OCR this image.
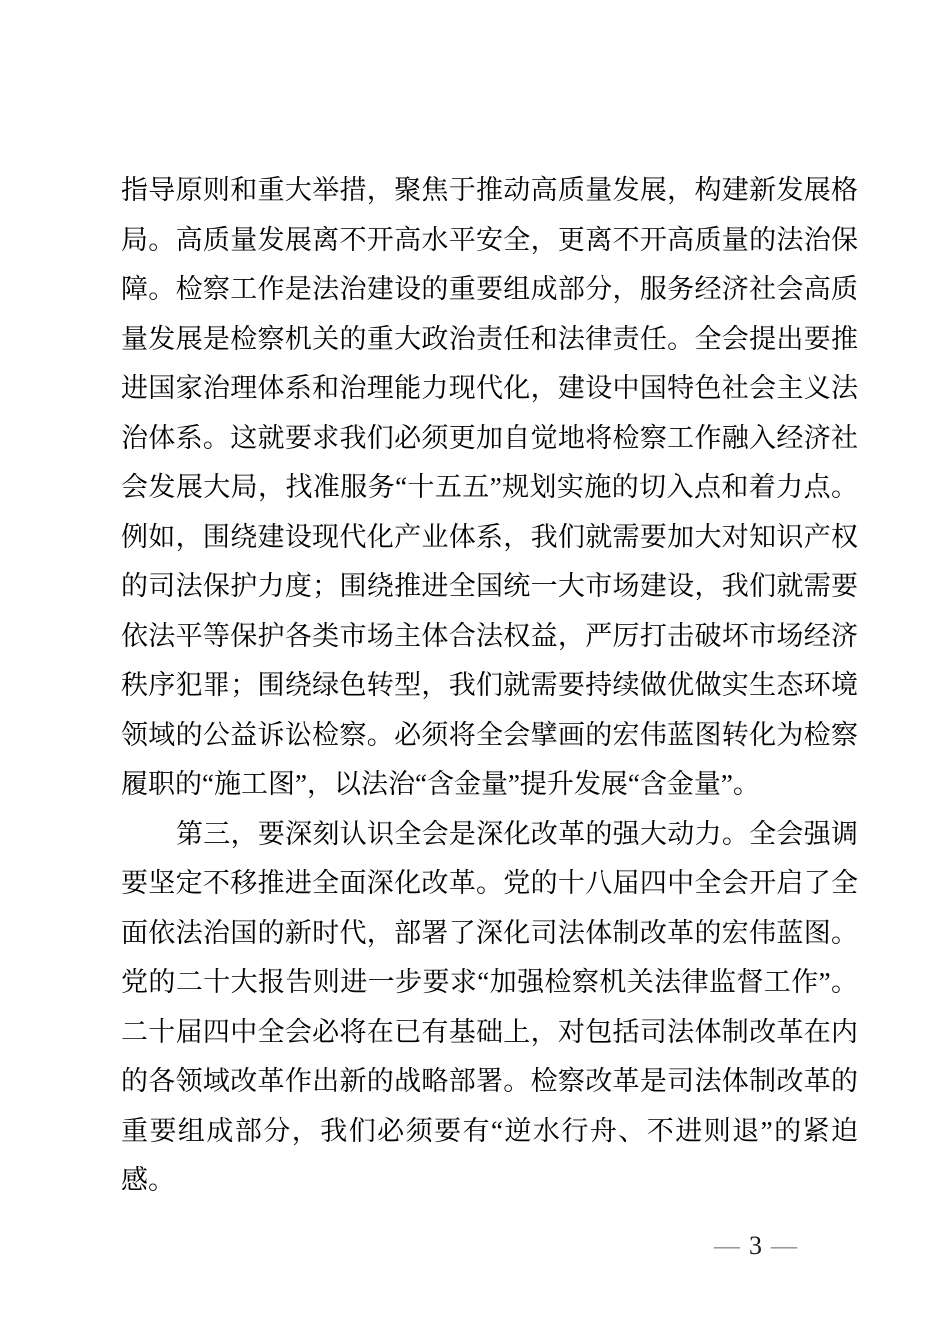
指导原则和重大举措，聚焦于推动高质量发展，构建新发展格局。高质量发展离不开高水平安全，更离不开高质量的法治保障。检察工作是法治建设的重要组成部分，服务经济社会高质量发展是检察机关的重大政治责任和法律责任。全会提出要推进国家治理体系和治理能力现代化，建设中国特色社会主义法治体系。这就要求我们必须更加自觉地将检察工作融入经济社会发展大局，找准服务“十五五”规划实施的切入点和着力点。例如，围绕建设现代化产业体系，我们就需要加大对知识产权的司法保护力度；围绕推进全国统一大市场建设，我们就需要依法平等保护各类市场主体合法权益，严厉打击破坏市场经济秩序犯罪；围绕绿色转型，我们就需要持续做优做实生态环境领域的公益诉讼检察。必须将全会擘画的宏伟蓝图转化为检察履职的“施工图”，以法治“含金量”提升发展“含金量”。

第三，要深刻认识全会是深化改革的强大动力。全会强调要坚定不移推进全面深化改革。党的十八届四中全会开启了全面依法治国的新时代，部署了深化司法体制改革的宏伟蓝图。党的二十大报告则进一步要求“加强检察机关法律监督工作”。二十届四中全会必将在已有基础上，对包括司法体制改革在内的各领域改革作出新的战略部署。检察改革是司法体制改革的重要组成部分，我们必须要有“逆水行舟、不进则退”的紧迫感。

— 3 —
